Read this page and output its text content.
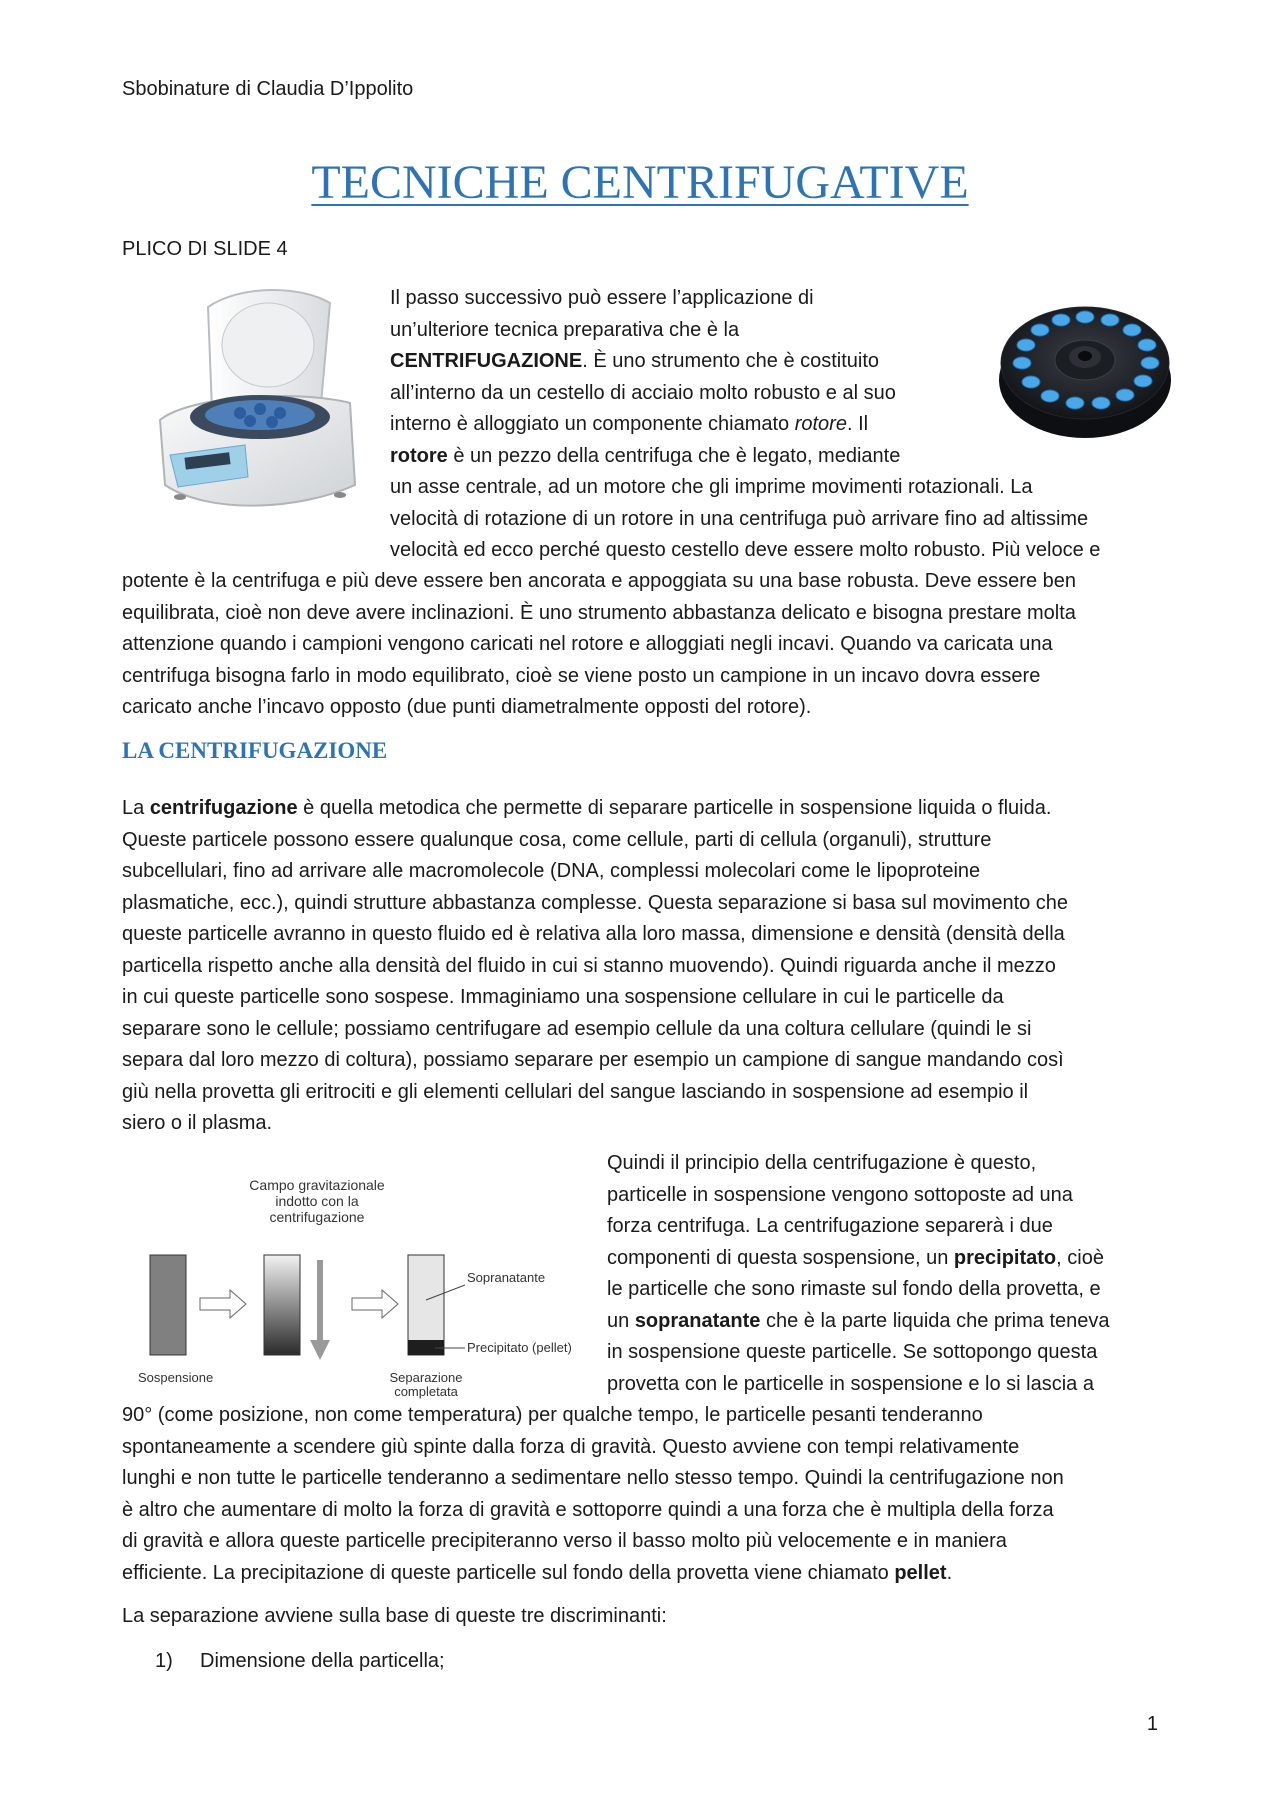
Sbobinature di Claudia D’Ippolito
TECNICHE CENTRIFUGATIVE
PLICO DI SLIDE 4
Il passo successivo può essere l’applicazione di
un’ulteriore tecnica preparativa che è la
CENTRIFUGAZIONE. È uno strumento che è costituito
all’interno da un cestello di acciaio molto robusto e al suo
interno è alloggiato un componente chiamato rotore. Il
rotore è un pezzo della centrifuga che è legato, mediante
un asse centrale, ad un motore che gli imprime movimenti rotazionali. La
velocità di rotazione di un rotore in una centrifuga può arrivare fino ad altissime
velocità ed ecco perché questo cestello deve essere molto robusto. Più veloce e
potente è la centrifuga e più deve essere ben ancorata e appoggiata su una base robusta. Deve essere ben
equilibrata, cioè non deve avere inclinazioni. È uno strumento abbastanza delicato e bisogna prestare molta
attenzione quando i campioni vengono caricati nel rotore e alloggiati negli incavi. Quando va caricata una
centrifuga bisogna farlo in modo equilibrato, cioè se viene posto un campione in un incavo dovra essere
caricato anche l’incavo opposto (due punti diametralmente opposti del rotore).
LA CENTRIFUGAZIONE
La centrifugazione è quella metodica che permette di separare particelle in sospensione liquida o fluida.
Queste particele possono essere qualunque cosa, come cellule, parti di cellula (organuli), strutture
subcellulari, fino ad arrivare alle macromolecole (DNA, complessi molecolari come le lipoproteine
plasmatiche, ecc.), quindi strutture abbastanza complesse. Questa separazione si basa sul movimento che
queste particelle avranno in questo fluido ed è relativa alla loro massa, dimensione e densità (densità della
particella rispetto anche alla densità del fluido in cui si stanno muovendo). Quindi riguarda anche il mezzo
in cui queste particelle sono sospese. Immaginiamo una sospensione cellulare in cui le particelle da
separare sono le cellule; possiamo centrifugare ad esempio cellule da una coltura cellulare (quindi le si
separa dal loro mezzo di coltura), possiamo separare per esempio un campione di sangue mandando così
giù nella provetta gli eritrociti e gli elementi cellulari del sangue lasciando in sospensione ad esempio il
siero o il plasma.
Campo gravitazionale
indotto con la
centrifugazione
Sopranatante
Precipitato (pellet)
Sospensione	Separazione
completata
Quindi il principio della centrifugazione è questo,
particelle in sospensione vengono sottoposte ad una
forza centrifuga. La centrifugazione separerà i due
componenti di questa sospensione, un precipitato, cioè
le particelle che sono rimaste sul fondo della provetta, e
un sopranatante che è la parte liquida che prima teneva
in sospensione queste particelle. Se sottopongo questa
provetta con le particelle in sospensione e lo si lascia a
90° (come posizione, non come temperatura) per qualche tempo, le particelle pesanti tenderanno
spontaneamente a scendere giù spinte dalla forza di gravità. Questo avviene con tempi relativamente
lunghi e non tutte le particelle tenderanno a sedimentare nello stesso tempo. Quindi la centrifugazione non
è altro che aumentare di molto la forza di gravità e sottoporre quindi a una forza che è multipla della forza
di gravità e allora queste particelle precipiteranno verso il basso molto più velocemente e in maniera
efficiente. La precipitazione di queste particelle sul fondo della provetta viene chiamato pellet.
La separazione avviene sulla base di queste tre discriminanti:
1) Dimensione della particella;
1
